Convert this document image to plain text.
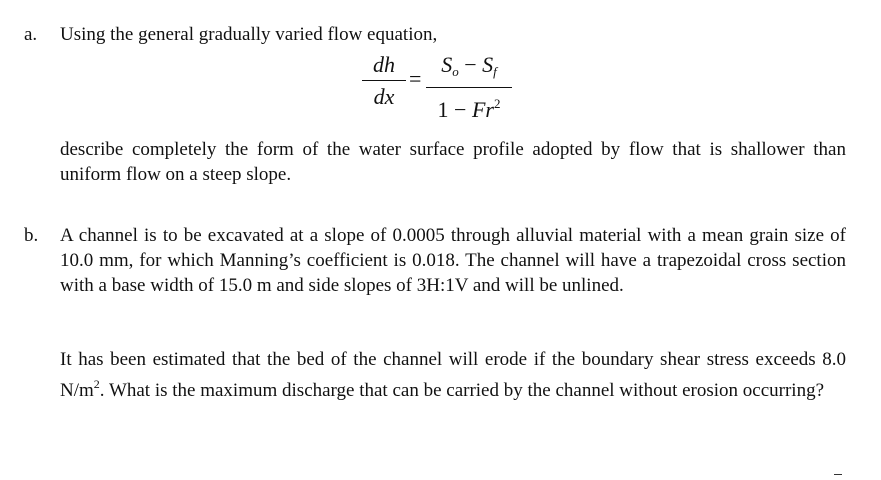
a. Using the general gradually varied flow equation,

dh
dx
=
$S_o - S_f$
$1 - Fr^2$

describe completely the form of the water surface profile adopted by flow that is shallower than uniform flow on a steep slope.

b. A channel is to be excavated at a slope of 0.0005 through alluvial material with a mean grain size of 10.0 mm, for which Manning’s coefficient is 0.018. The channel will have a trapezoidal cross section with a base width of 15.0 m and side slopes of 3H:1V and will be unlined.

It has been estimated that the bed of the channel will erode if the boundary shear stress exceeds 8.0 $N/m^2$. What is the maximum discharge that can be carried by the channel without erosion occurring?
